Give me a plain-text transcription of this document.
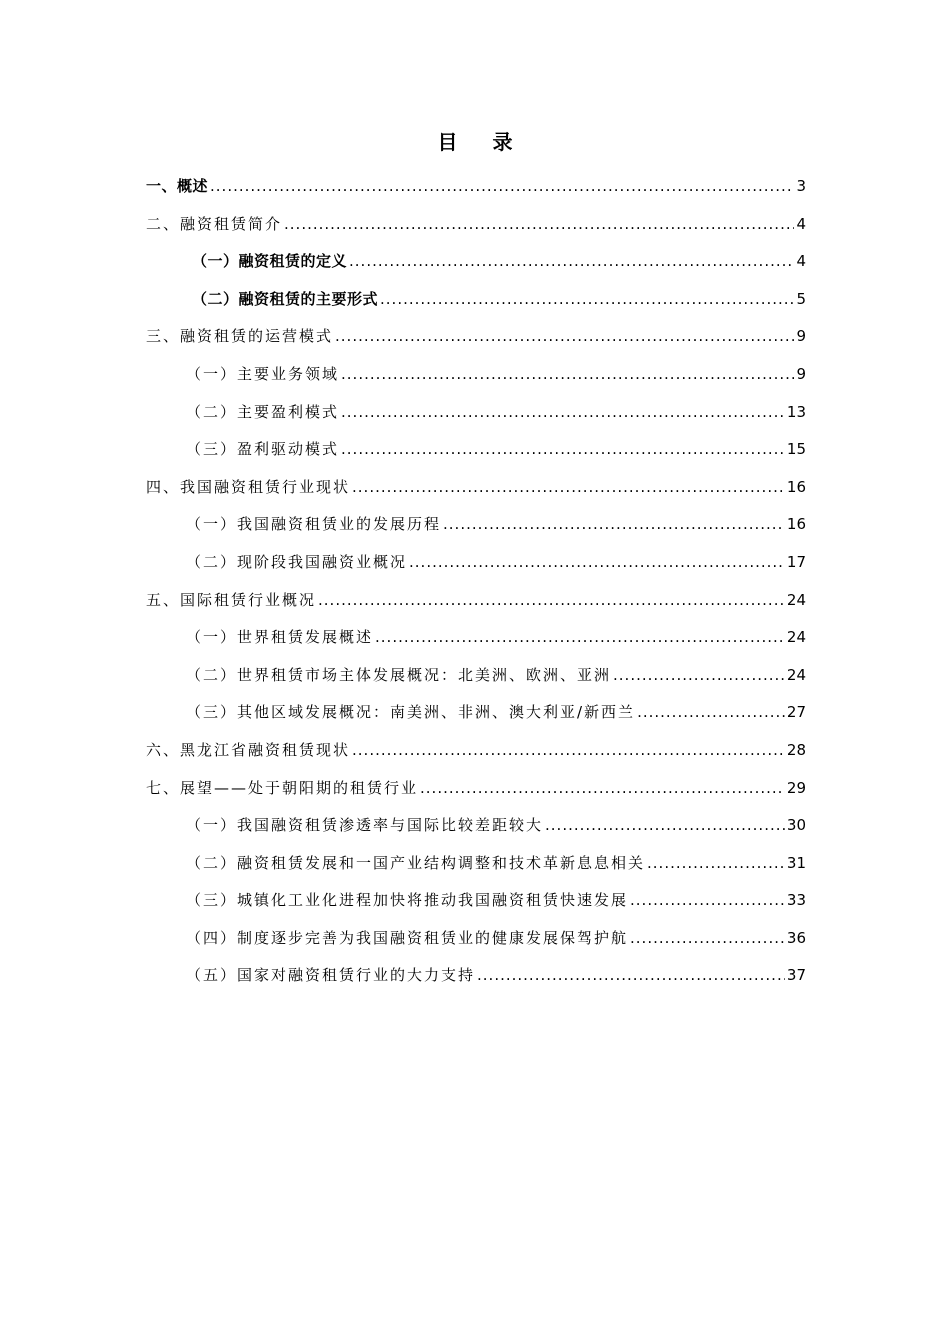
目 录
一、概述 .....	3
二、融资租赁简介 .....	4
（一）融资租赁的定义 .....	4
（二）融资租赁的主要形式 .....	5
三、融资租赁的运营模式 .....	9
（一）主要业务领域 .....	9
（二）主要盈利模式 .....	13
（三）盈利驱动模式 .....	15
四、我国融资租赁行业现状 .....	16
（一）我国融资租赁业的发展历程 .....	16
（二）现阶段我国融资业概况 .....	17
五、国际租赁行业概况 .....	24
（一）世界租赁发展概述 .....	24
（二）世界租赁市场主体发展概况：北美洲、欧洲、亚洲 .....	24
（三）其他区域发展概况：南美洲、非洲、澳大利亚/新西兰 .....	27
六、黑龙江省融资租赁现状 .....	28
七、展望——处于朝阳期的租赁行业 .....	29
（一）我国融资租赁渗透率与国际比较差距较大 .....	30
（二）融资租赁发展和一国产业结构调整和技术革新息息相关 .....	31
（三）城镇化工业化进程加快将推动我国融资租赁快速发展 .....	33
（四）制度逐步完善为我国融资租赁业的健康发展保驾护航 .....	36
（五）国家对融资租赁行业的大力支持 .....	37
